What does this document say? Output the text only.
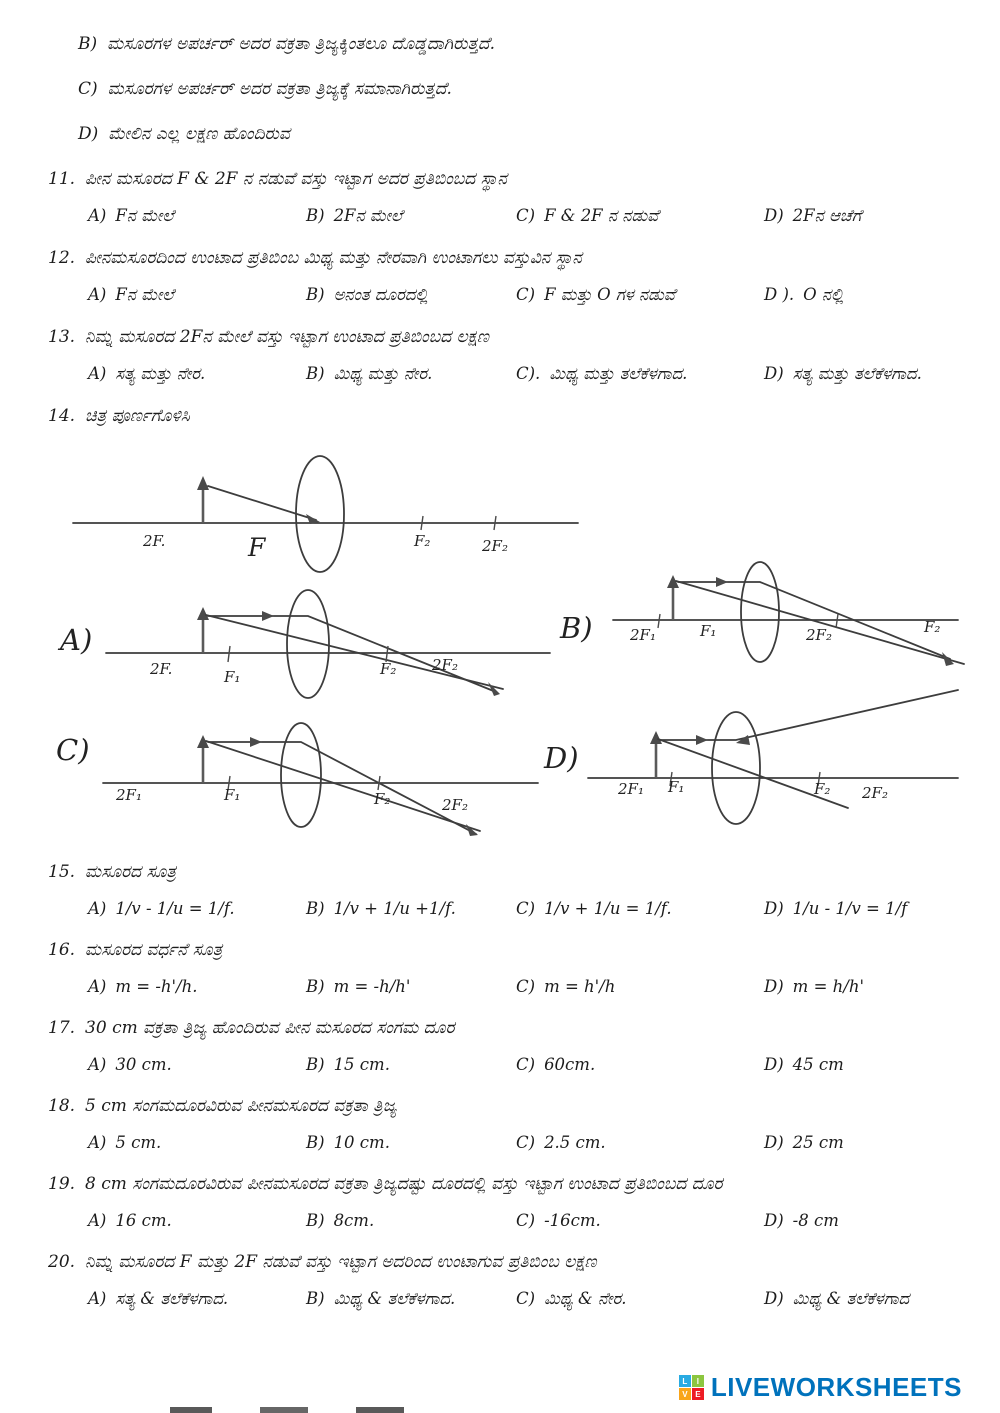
B) ಮಸೂರಗಳ ಅಪರ್ಚರ್ ಅದರ ವಕ್ರತಾ ತ್ರಿಜ್ಯಕ್ಕಿಂತಲೂ ದೊಡ್ಡದಾಗಿರುತ್ತದೆ.
C) ಮಸೂರಗಳ ಅಪರ್ಚರ್ ಅದರ ವಕ್ರತಾ ತ್ರಿಜ್ಯಕ್ಕೆ ಸಮಾನಾಗಿರುತ್ತದೆ.
D) ಮೇಲಿನ ಎಲ್ಲ ಲಕ್ಷಣ ಹೊಂದಿರುವ
11. ಪೀನ ಮಸೂರದ F & 2F ನ ನಡುವೆ ವಸ್ತು ಇಟ್ಟಾಗ ಅದರ ಪ್ರತಿಬಿಂಬದ ಸ್ಥಾನ
A) Fನ ಮೇಲೆ	B) 2Fನ ಮೇಲೆ	C) F & 2F ನ ನಡುವೆ	D) 2Fನ ಆಚೆಗೆ
12. ಪೀನಮಸೂರದಿಂದ ಉಂಟಾದ ಪ್ರತಿಬಿಂಬ ಮಿಥ್ಯ ಮತ್ತು ನೇರವಾಗಿ ಉಂಟಾಗಲು ವಸ್ತುವಿನ ಸ್ಥಾನ
A) Fನ ಮೇಲೆ	B) ಅನಂತ ದೂರದಲ್ಲಿ	C) F ಮತ್ತು O ಗಳ ನಡುವೆ	D ). O ನಲ್ಲಿ
13. ನಿಮ್ನ ಮಸೂರದ 2Fನ ಮೇಲೆ ವಸ್ತು ಇಟ್ಟಾಗ ಉಂಟಾದ ಪ್ರತಿಬಿಂಬದ ಲಕ್ಷಣ
A) ಸತ್ಯ ಮತ್ತು ನೇರ.	B) ಮಿಥ್ಯ ಮತ್ತು ನೇರ.	C). ಮಿಥ್ಯ ಮತ್ತು ತಲೆಕೆಳಗಾದ.	D) ಸತ್ಯ ಮತ್ತು ತಲೆಕೆಳಗಾದ.
14. ಚಿತ್ರ ಪೂರ್ಣಗೊಳಿಸಿ
2F.	F	F₂	2F₂
A)
2F.	F₁	F₂ 2F₂
B) 2F₁	F₁	2F₂	F₂
C)
2F₁	F₁	F₂	2F₂
D)
2F₁ F₁	F₂ 2F₂
15. ಮಸೂರದ ಸೂತ್ರ
A) 1/v - 1/u = 1/f.	B) 1/v + 1/u +1/f.	C) 1/v + 1/u = 1/f.	D) 1/u - 1/v = 1/f
16. ಮಸೂರದ ವರ್ಧನೆ ಸೂತ್ರ
A) m = -h'/h.	B) m = -h/h'	C) m = h'/h	D) m = h/h'
17. 30 cm ವಕ್ರತಾ ತ್ರಿಜ್ಯ ಹೊಂದಿರುವ ಪೀನ ಮಸೂರದ ಸಂಗಮ ದೂರ
A) 30 cm.	B) 15 cm.	C) 60cm.	D) 45 cm
18. 5 cm ಸಂಗಮದೂರವಿರುವ ಪೀನಮಸೂರದ ವಕ್ರತಾ ತ್ರಿಜ್ಯ
A) 5 cm.	B) 10 cm.	C) 2.5 cm.	D) 25 cm
19. 8 cm ಸಂಗಮದೂರವಿರುವ ಪೀನಮಸೂರದ ವಕ್ರತಾ ತ್ರಿಜ್ಯದಷ್ಟು ದೂರದಲ್ಲಿ ವಸ್ತು ಇಟ್ಟಾಗ ಉಂಟಾದ ಪ್ರತಿಬಿಂಬದ ದೂರ
A) 16 cm.	B) 8cm.	C) -16cm.	D) -8 cm
20. ನಿಮ್ನ ಮಸೂರದ F ಮತ್ತು 2F ನಡುವೆ ವಸ್ತು ಇಟ್ಟಾಗ ಅದರಿಂದ ಉಂಟಾಗುವ ಪ್ರತಿಬಿಂಬ ಲಕ್ಷಣ
A) ಸತ್ಯ & ತಲೆಕೆಳಗಾದ.	B) ಮಿಥ್ಯ & ತಲೆಕೆಳಗಾದ.	C) ಮಿಥ್ಯ & ನೇರ.	D) ಮಿಥ್ಯ & ತಲೆಕೆಳಗಾದ
L	I
V E LIVEWORKSHEETS
